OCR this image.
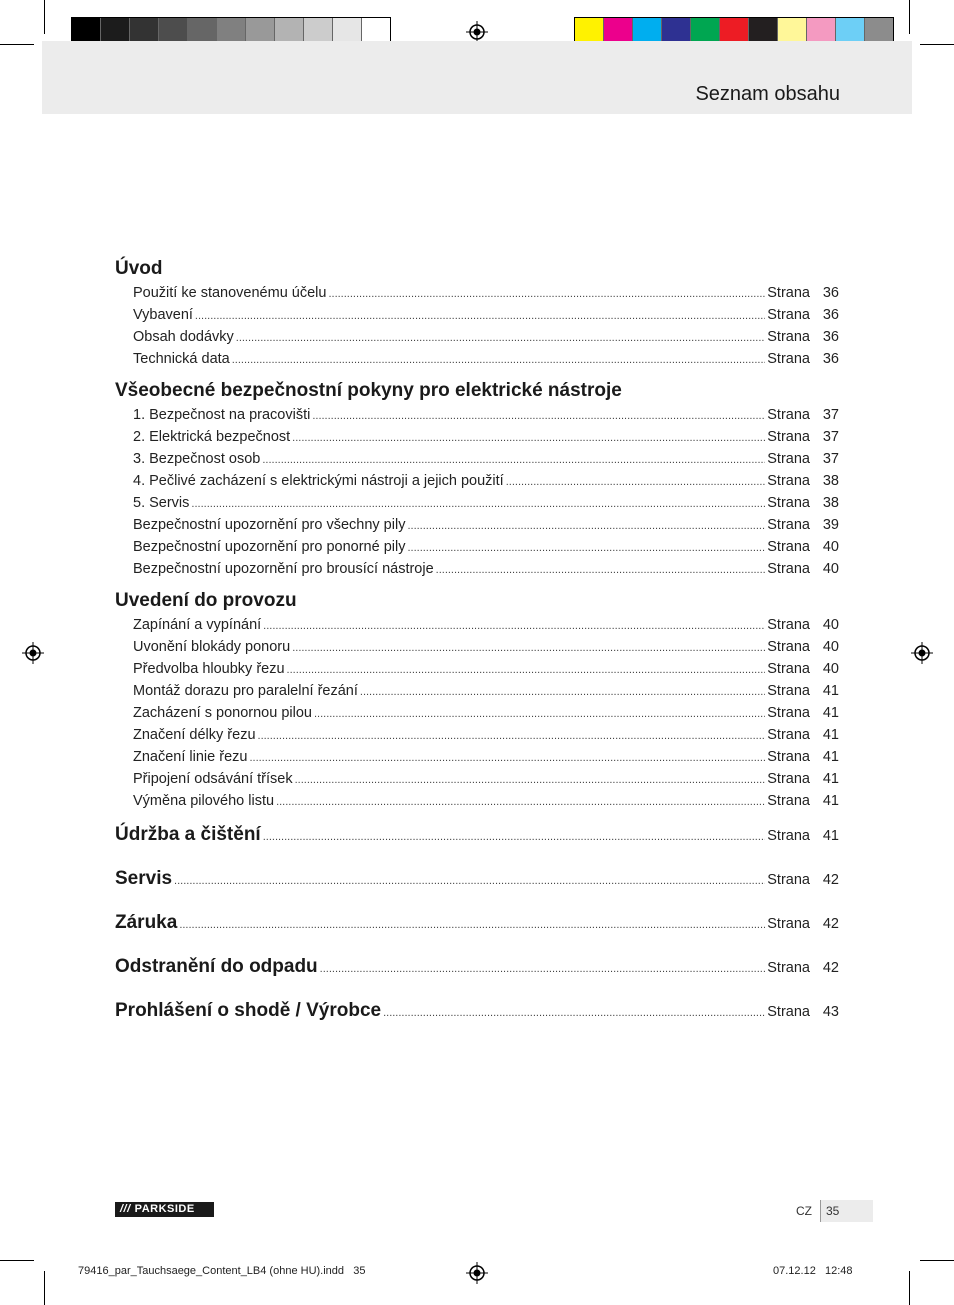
Seznam obsahu
Úvod
Použití ke stanovenému účelu .....	Strana 36
Vybavení .....	Strana 36
Obsah dodávky .....	Strana 36
Technická data .....	Strana 36
Všeobecné bezpečnostní pokyny pro elektrické nástroje
1. Bezpečnost na pracovišti .....	Strana 37
2. Elektrická bezpečnost .....	Strana 37
3. Bezpečnost osob .....	Strana 37
4. Pečlivé zacházení s elektrickými nástroji a jejich použití .....	Strana 38
5. Servis .....	Strana 38
Bezpečnostní upozornění pro všechny pily .....	Strana 39
Bezpečnostní upozornění pro ponorné pily .....	Strana 40
Bezpečnostní upozornění pro brousící nástroje .....	Strana 40
Uvedení do provozu
Zapínání a vypínání .....	Strana 40
Uvonění blokády ponoru .....	Strana 40
Předvolba hloubky řezu .....	Strana 40
Montáž dorazu pro paralelní řezání .....	Strana 41
Zacházení s ponornou pilou .....	Strana 41
Značení délky řezu .....	Strana 41
Značení linie řezu .....	Strana 41
Připojení odsávání třísek .....	Strana 41
Výměna pilového listu .....	Strana 41
Údržba a čištění .....	Strana 41
Servis .....	Strana 42
Záruka .....	Strana 42
Odstranění do odpadu .....	Strana 42
Prohlášení o shodě / Výrobce .....	Strana 43
/// PARKSIDE	CZ 35
79416_par_Tauchsaege_Content_LB4 (ohne HU).indd   35	07.12.12   12:48
